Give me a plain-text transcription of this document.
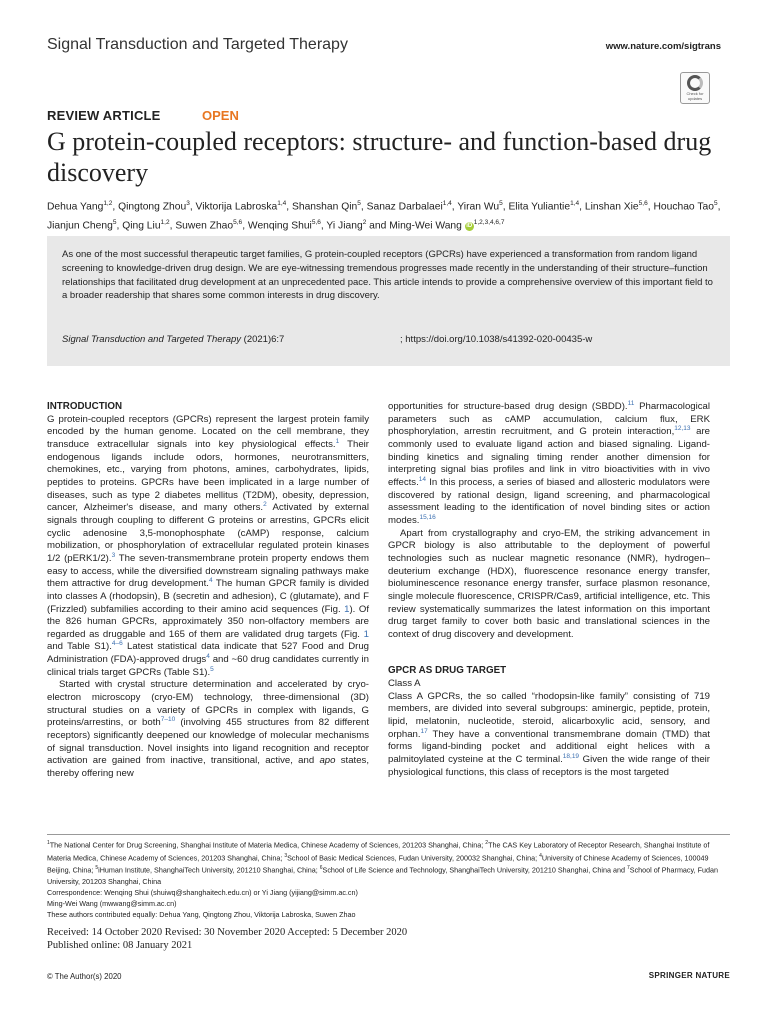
Signal Transduction and Targeted Therapy	www.nature.com/sigtrans
Check for updates
REVIEW ARTICLE	OPEN
G protein-coupled receptors: structure- and function-based drug discovery
Dehua Yang$^{1,2}$, Qingtong Zhou$^3$, Viktorija Labroska$^{1,4}$, Shanshan Qin$^5$, Sanaz Darbalaei$^{1,4}$, Yiran Wu$^5$, Elita Yuliantie$^{1,4}$, Linshan Xie$^{5,6}$, Houchao Tao$^5$, Jianjun Cheng$^5$, Qing Liu$^{1,2}$, Suwen Zhao$^{5,6}$, Wenqing Shui$^{5,6}$, Yi Jiang$^2$ and Ming-Wei Wang iD $^{1,2,3,4,6,7}$
As one of the most successful therapeutic target families, G protein-coupled receptors (GPCRs) have experienced a transformation from random ligand screening to knowledge-driven drug design. We are eye-witnessing tremendous progresses made recently in the understanding of their structure–function relationships that facilitated drug development at an unprecedented pace. This article intends to provide a comprehensive overview of this important field to a broader readership that shares some common interests in drug discovery.
Signal Transduction and Targeted Therapy (2021)6:7	; https://doi.org/10.1038/s41392-020-00435-w
INTRODUCTION

G protein-coupled receptors (GPCRs) represent the largest protein family encoded by the human genome. Located on the cell membrane, they transduce extracellular signals into key physiological effects.$^1$ Their endogenous ligands include odors, hormones, neurotransmitters, chemokines, etc., varying from photons, amines, carbohydrates, lipids, peptides to proteins. GPCRs have been implicated in a large number of diseases, such as type 2 diabetes mellitus (T2DM), obesity, depression, cancer, Alzheimer's disease, and many others.$^2$ Activated by external signals through coupling to different G proteins or arrestins, GPCRs elicit cyclic adenosine 3,5-monophosphate (cAMP) response, calcium mobilization, or phosphorylation of extracellular regulated protein kinases 1/2 (pERK1/2).$^3$ The seven-transmembrane protein property endows them easy to access, while the diversified downstream signaling pathways make them attractive for drug development.$^4$ The human GPCR family is divided into classes A (rhodopsin), B (secretin and adhesion), C (glutamate), and F (Frizzled) subfamilies according to their amino acid sequences (Fig. 1). Of the 826 human GPCRs, approximately 350 non-olfactory members are regarded as druggable and 165 of them are validated drug targets (Fig. 1 and Table S1).$^{4-6}$ Latest statistical data indicate that 527 Food and Drug Administration (FDA)-approved drugs$^4$ and ~60 drug candidates currently in clinical trials target GPCRs (Table S1).$^5$

Started with crystal structure determination and accelerated by cryo-electron microscopy (cryo-EM) technology, three-dimensional (3D) structural studies on a variety of GPCRs in complex with ligands, G proteins/arrestins, or both$^{7-10}$ (involving 455 structures from 82 different receptors) significantly deepened our knowledge of molecular mechanisms of signal transduction. Novel insights into ligand recognition and receptor activation are gained from inactive, transitional, active, and apo states, thereby offering new

opportunities for structure-based drug design (SBDD).$^{11}$ Pharmacological parameters such as cAMP accumulation, calcium flux, ERK phosphorylation, arrestin recruitment, and G protein interaction,$^{12,13}$ are commonly used to evaluate ligand action and biased signaling. Ligand-binding kinetics and signaling timing render another dimension for interpreting signal bias profiles and link in vitro bioactivities with in vivo effects.$^{14}$ In this process, a series of biased and allosteric modulators were discovered by rational design, ligand screening, and pharmacological assessment leading to the identification of novel binding sites or action modes.$^{15,16}$

Apart from crystallography and cryo-EM, the striking advancement in GPCR biology is also attributable to the deployment of powerful technologies such as nuclear magnetic resonance (NMR), hydrogen–deuterium exchange (HDX), fluorescence resonance energy transfer, bioluminescence resonance energy transfer, surface plasmon resonance, single molecule fluorescence, CRISPR/Cas9, artificial intelligence, etc. This review systematically summarizes the latest information on this important drug target family to cover both basic and translational sciences in the context of drug discovery and development.

GPCR AS DRUG TARGET

Class A

Class A GPCRs, the so called “rhodopsin-like family” consisting of 719 members, are divided into several subgroups: aminergic, peptide, protein, lipid, melatonin, nucleotide, steroid, alicarboxylic acid, sensory, and orphan.$^{17}$ They have a conventional transmembrane domain (TMD) that forms ligand-binding pocket and additional eight helices with a palmitoylated cysteine at the C terminal.$^{18,19}$ Given the wide range of their physiological functions, this class of receptors is the most targeted

$^1$The National Center for Drug Screening, Shanghai Institute of Materia Medica, Chinese Academy of Sciences, 201203 Shanghai, China; $^2$The CAS Key Laboratory of Receptor Research, Shanghai Institute of Materia Medica, Chinese Academy of Sciences, 201203 Shanghai, China; $^3$School of Basic Medical Sciences, Fudan University, 200032 Shanghai, China; $^4$University of Chinese Academy of Sciences, 100049 Beijing, China; $^5$iHuman Institute, ShanghaiTech University, 201210 Shanghai, China; $^6$School of Life Science and Technology, ShanghaiTech University, 201210 Shanghai, China and $^7$School of Pharmacy, Fudan University, 201203 Shanghai, China
Correspondence: Wenqing Shui (shuiwq@shanghaitech.edu.cn) or Yi Jiang (yijiang@simm.ac.cn)
Ming-Wei Wang (mwwang@simm.ac.cn)
These authors contributed equally: Dehua Yang, Qingtong Zhou, Viktorija Labroska, Suwen Zhao
Received: 14 October 2020 Revised: 30 November 2020 Accepted: 5 December 2020
Published online: 08 January 2021
© The Author(s) 2020	SPRINGER NATURE
